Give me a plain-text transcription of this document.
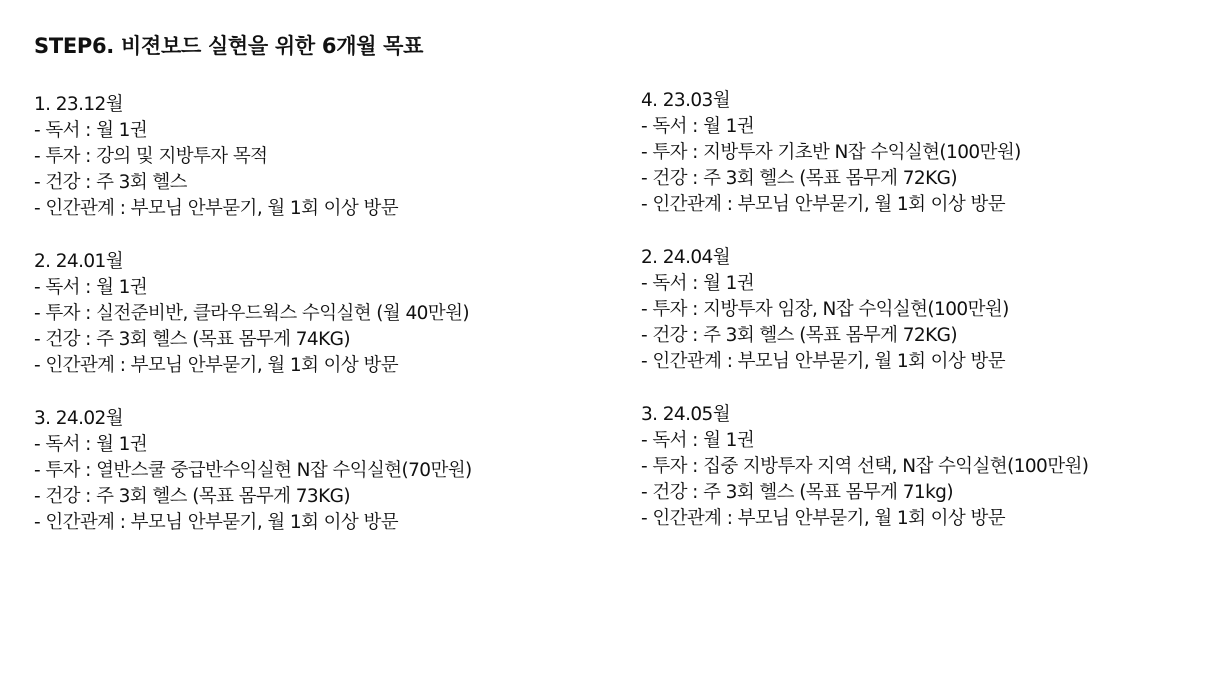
STEP6. 비젼보드 실현을 위한 6개월 목표
1. 23.12월
- 독서 : 월 1권
- 투자 : 강의 및 지방투자 목적
- 건강 : 주 3회 헬스
- 인간관계 : 부모님 안부묻기, 월 1회 이상 방문
2. 24.01월
- 독서 : 월 1권
- 투자 : 실전준비반, 클라우드웍스 수익실현 (월 40만원)
- 건강 : 주 3회 헬스 (목표 몸무게 74KG)
- 인간관계 : 부모님 안부묻기, 월 1회 이상 방문
3. 24.02월
- 독서 : 월 1권
- 투자 : 열반스쿨 중급반수익실현 N잡 수익실현(70만원)
- 건강 : 주 3회 헬스 (목표 몸무게 73KG)
- 인간관계 : 부모님 안부묻기, 월 1회 이상 방문
4. 23.03월
- 독서 : 월 1권
- 투자 : 지방투자 기초반 N잡 수익실현(100만원)
- 건강 : 주 3회 헬스 (목표 몸무게 72KG)
- 인간관계 : 부모님 안부묻기, 월 1회 이상 방문
2. 24.04월
- 독서 : 월 1권
- 투자 : 지방투자 임장, N잡 수익실현(100만원)
- 건강 : 주 3회 헬스 (목표 몸무게 72KG)
- 인간관계 : 부모님 안부묻기, 월 1회 이상 방문
3. 24.05월
- 독서 : 월 1권
- 투자 : 집중 지방투자 지역 선택, N잡 수익실현(100만원)
- 건강 : 주 3회 헬스 (목표 몸무게 71kg)
- 인간관계 : 부모님 안부묻기, 월 1회 이상 방문
